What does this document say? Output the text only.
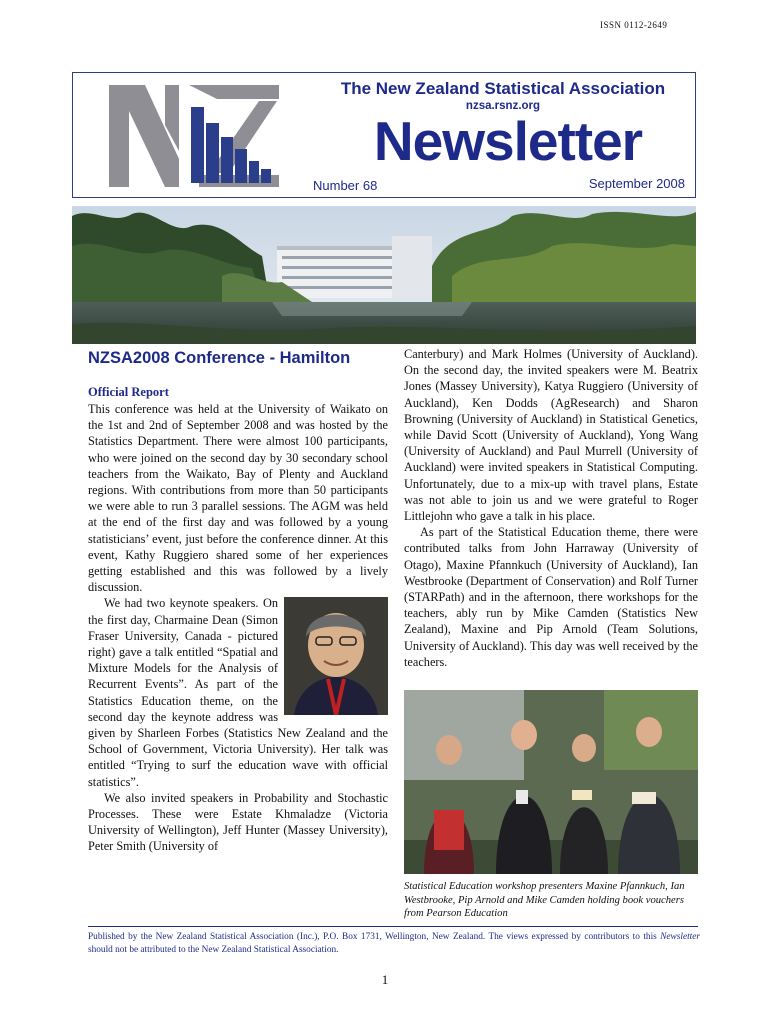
ISSN 0112-2649
The New Zealand Statistical Association
nzsa.rsnz.org
Newsletter
Number 68	September 2008
NZSA2008 Conference - Hamilton
Official Report

This conference was held at the University of Waikato on the 1st and 2nd of September 2008 and was hosted by the Statistics Department. There were almost 100 participants, who were joined on the second day by 30 secondary school teachers from the Waikato, Bay of Plenty and Auckland regions. With contributions from more than 50 participants we were able to run 3 parallel sessions. The AGM was held at the end of the first day and was followed by a young statisticians’ event, just before the conference dinner. At this event, Kathy Ruggiero shared some of her experiences getting established and this was followed by a lively discussion.

We had two keynote speakers. On the first day, Charmaine Dean (Simon Fraser University, Canada - pictured right) gave a talk entitled “Spatial and Mixture Models for the Analysis of Recurrent Events”. As part of the Statistics Education theme, on the second day the keynote address was given by Sharleen Forbes (Statistics New Zealand and the School of Government, Victoria University). Her talk was entitled “Trying to surf the education wave with official statistics”.

We also invited speakers in Probability and Stochastic Processes. These were Estate Khmaladze (Victoria University of Wellington), Jeff Hunter (Massey University), Peter Smith (University of

Canterbury) and Mark Holmes (University of Auckland). On the second day, the invited speakers were M. Beatrix Jones (Massey University), Katya Ruggiero (University of Auckland), Ken Dodds (AgResearch) and Sharon Browning (University of Auckland) in Statistical Genetics, while David Scott (University of Auckland), Yong Wang (University of Auckland) and Paul Murrell (University of Auckland) were invited speakers in Statistical Computing. Unfortunately, due to a mix-up with travel plans, Estate was not able to join us and we were grateful to Roger Littlejohn who gave a talk in his place.

As part of the Statistical Education theme, there were contributed talks from John Harraway (University of Otago), Maxine Pfannkuch (University of Auckland), Ian Westbrooke (Department of Conservation) and Rolf Turner (STARPath) and in the afternoon, there workshops for the teachers, ably run by Mike Camden (Statistics New Zealand), Maxine and Pip Arnold (Team Solutions, University of Auckland). This day was well received by the teachers.

Statistical Education workshop presenters Maxine Pfannkuch, Ian Westbrooke, Pip Arnold and Mike Camden holding book vouchers from Pearson Education
Published by the New Zealand Statistical Association (Inc.), P.O. Box 1731, Wellington, New Zealand. The views expressed by contributors to this Newsletter should not be attributed to the New Zealand Statistical Association.
1
